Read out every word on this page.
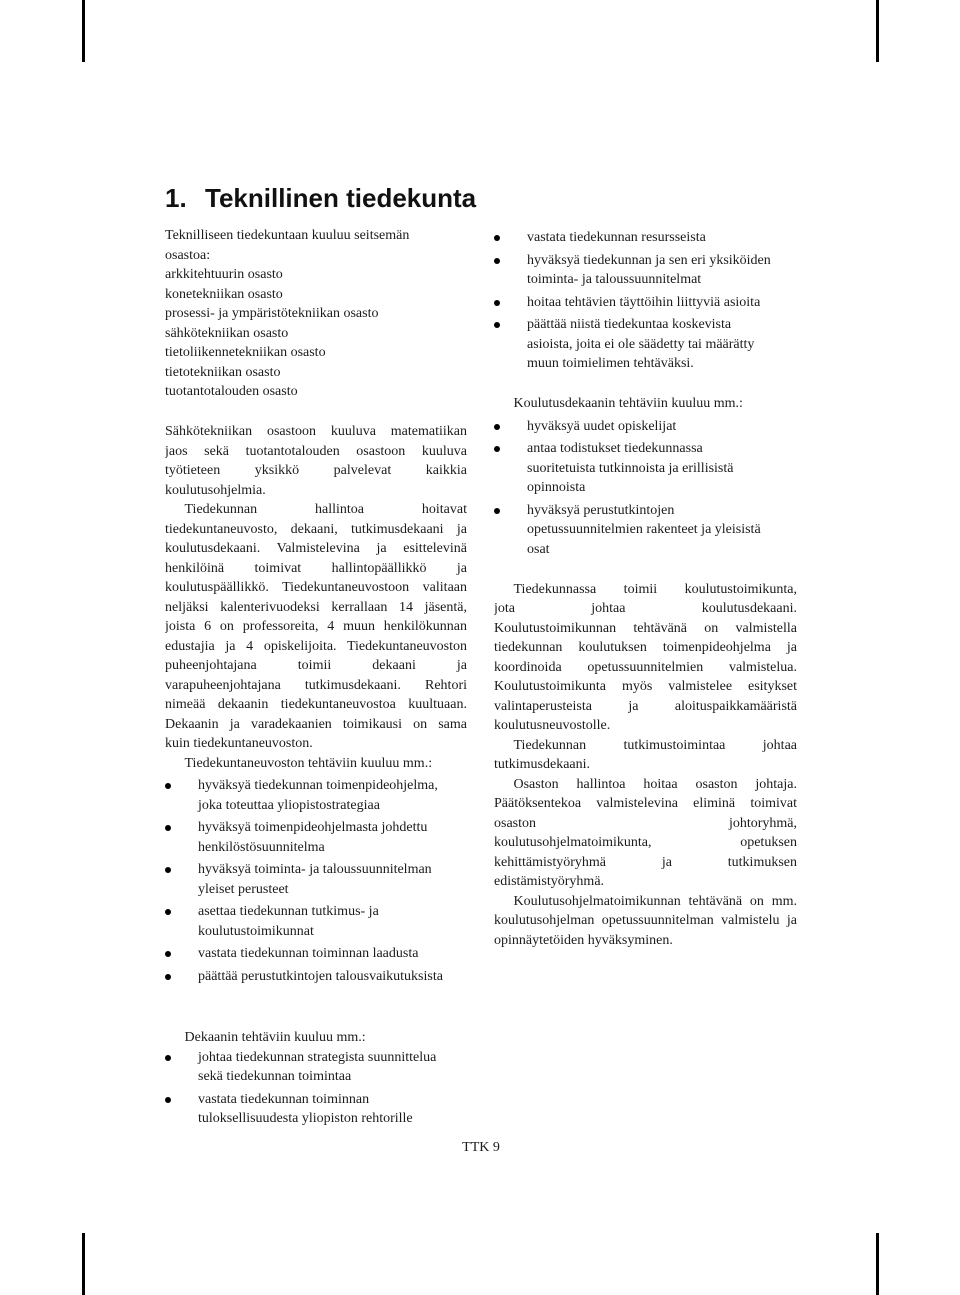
1. Teknillinen tiedekunta
Teknilliseen tiedekuntaan kuuluu seitsemän
osastoa:
arkkitehtuurin osasto
konetekniikan osasto
prosessi- ja ympäristötekniikan osasto
sähkötekniikan osasto
tietoliikennetekniikan osasto
tietotekniikan osasto
tuotantotalouden osasto
Sähkötekniikan osastoon kuuluva matematiikan
jaos sekä tuotantotalouden osastoon kuuluva
työtieteen yksikkö palvelevat kaikkia
koulutusohjelmia.
Tiedekunnan hallintoa hoitavat
tiedekuntaneuvosto, dekaani, tutkimusdekaani ja
koulutusdekaani. Valmistelevina ja esittelevinä
henkilöinä toimivat hallintopäällikkö ja
koulutuspäällikkö. Tiedekuntaneuvostoon valitaan
neljäksi kalenterivuodeksi kerrallaan 14 jäsentä,
joista 6 on professoreita, 4 muun henkilökunnan
edustajia ja 4 opiskelijoita. Tiedekuntaneuvoston
puheenjohtajana toimii dekaani ja
varapuheenjohtajana tutkimusdekaani. Rehtori
nimeää dekaanin tiedekuntaneuvostoa kuultuaan.
Dekaanin ja varadekaanien toimikausi on sama
kuin tiedekuntaneuvoston.
Tiedekuntaneuvoston tehtäviin kuuluu mm.:
hyväksyä tiedekunnan toimenpideohjelma,
joka toteuttaa yliopistostrategiaa
hyväksyä toimenpideohjelmasta johdettu
henkilöstösuunnitelma
hyväksyä toiminta- ja taloussuunnitelman
yleiset perusteet
asettaa tiedekunnan tutkimus- ja
koulutustoimikunnat
vastata tiedekunnan toiminnan laadusta
päättää perustutkintojen talousvaikutuksista
vastata tiedekunnan resursseista
hyväksyä tiedekunnan ja sen eri yksiköiden
toiminta- ja taloussuunnitelmat
hoitaa tehtävien täyttöihin liittyviä asioita
päättää niistä tiedekuntaa koskevista
asioista, joita ei ole säädetty tai määrätty
muun toimielimen tehtäväksi.
Koulutusdekaanin tehtäviin kuuluu mm.:
hyväksyä uudet opiskelijat
antaa todistukset tiedekunnassa
suoritetuista tutkinnoista ja erillisistä
opinnoista
hyväksyä perustutkintojen
opetussuunnitelmien rakenteet ja yleisistä
osat
Tiedekunnassa toimii koulutustoimikunta,
jota johtaa koulutusdekaani.
Koulutustoimikunnan tehtävänä on valmistella
tiedekunnan koulutuksen toimenpideohjelma ja
koordinoida opetussuunnitelmien valmistelua.
Koulutustoimikunta myös valmistelee esitykset
valintaperusteista ja aloituspaikkamääristä
koulutusneuvostolle.
Tiedekunnan tutkimustoimintaa johtaa
tutkimusdekaani.
Osaston hallintoa hoitaa osaston johtaja.
Päätöksentekoa valmistelevina eliminä toimivat
osaston johtoryhmä,
koulutusohjelmatoimikunta, opetuksen
kehittämistyöryhmä ja tutkimuksen
edistämistyöryhmä.
Koulutusohjelmatoimikunnan tehtävänä on mm.
koulutusohjelman opetussuunnitelman valmistelu ja
opinnäytetöiden hyväksyminen.
Dekaanin tehtäviin kuuluu mm.:
johtaa tiedekunnan strategista suunnittelua
sekä tiedekunnan toimintaa
vastata tiedekunnan toiminnan
tuloksellisuudesta yliopiston rehtorille
TTK 9
